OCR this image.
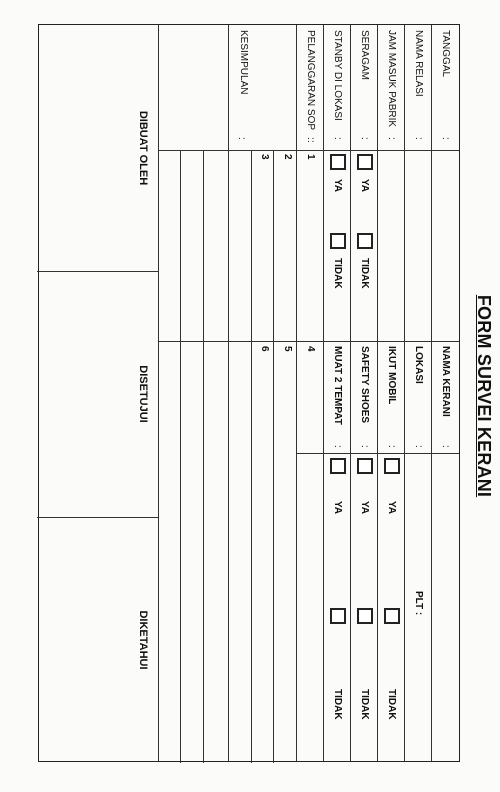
FORM SURVEI KERANI
TANGGAL
NAMA RELASI
JAM MASUK PABRIK
SERAGAM
STANBY DI LOKASI
PELANGGARAN SOP
:
:
:
:
:
:
YA
TIDAK
YA
TIDAK
NAMA KERANI
LOKASI
IKUT MOBIL
SAFETY SHOES
MUAT 2 TEMPAT
:
:
:
:
:
PLT :
YA
TIDAK
YA
TIDAK
YA
TIDAK
:
1
2
3
4
5
6
KESIMPULAN
:
DIBUAT OLEH
DISETUJUI
DIKETAHUI
